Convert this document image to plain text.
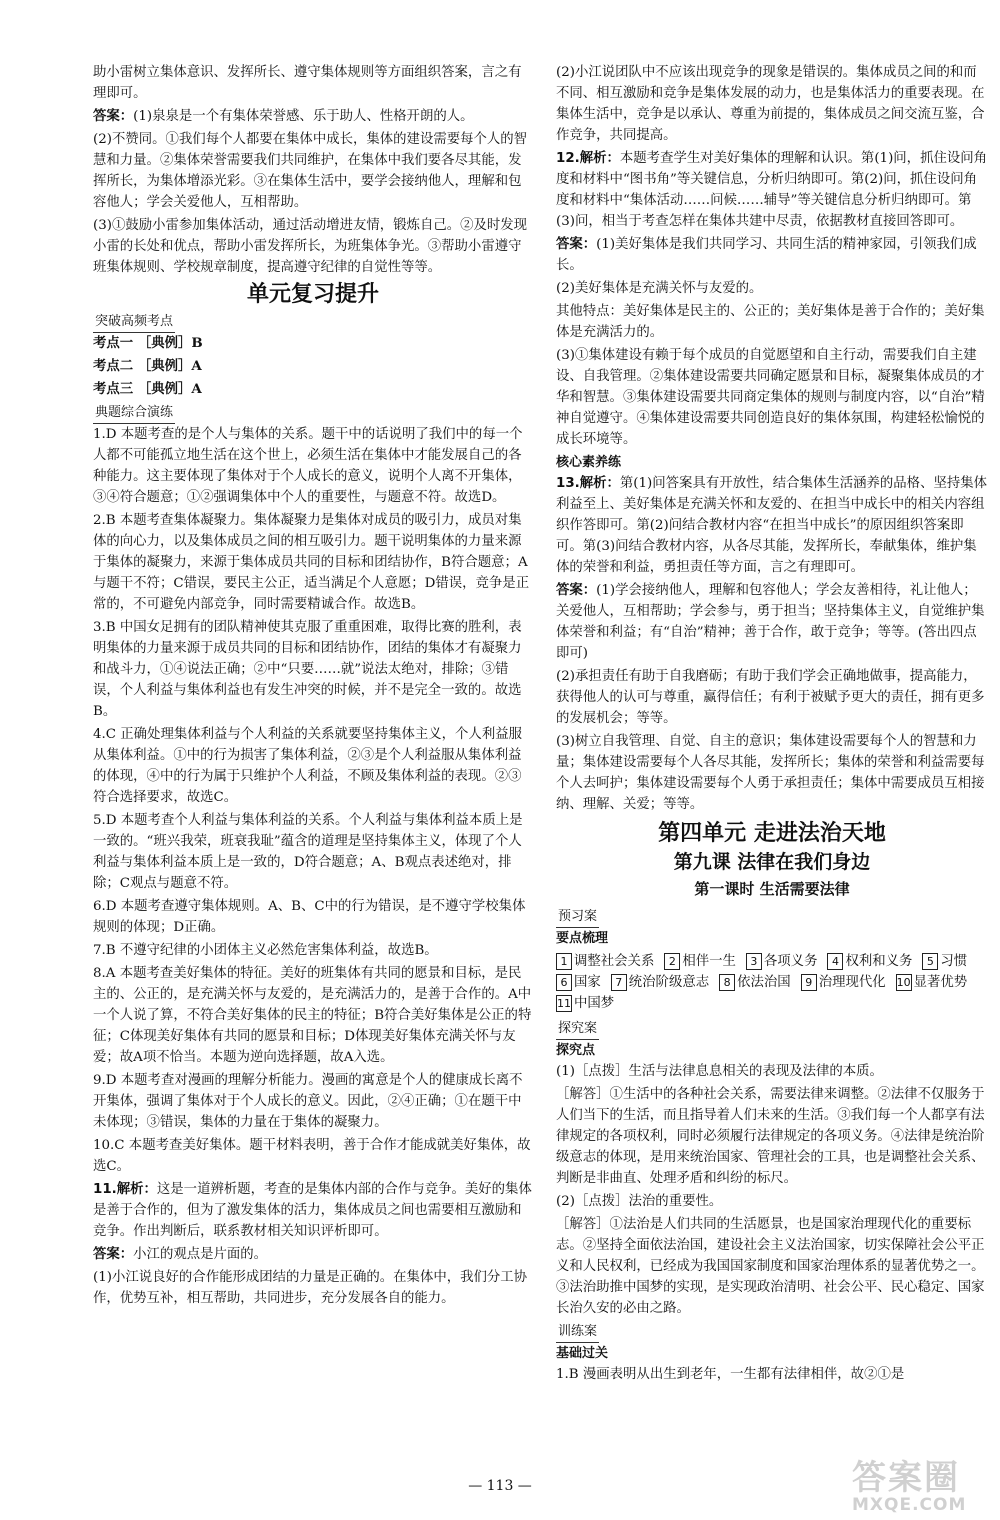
助小雷树立集体意识、发挥所长、遵守集体规则等方面组织答案，言之有理即可。
答案：(1)泉泉是一个有集体荣誉感、乐于助人、性格开朗的人。
(2)不赞同。①我们每个人都要在集体中成长，集体的建设需要每个人的智慧和力量。②集体荣誉需要我们共同维护，在集体中我们要各尽其能，发挥所长，为集体增添光彩。③在集体生活中，要学会接纳他人，理解和包容他人；学会关爱他人，互相帮助。
(3)①鼓励小雷参加集体活动，通过活动增进友情，锻炼自己。②及时发现小雷的长处和优点，帮助小雷发挥所长，为班集体争光。③帮助小雷遵守班集体规则、学校规章制度，提高遵守纪律的自觉性等等。
单元复习提升
突破高频考点
考点一 ［典例］B
考点二 ［典例］A
考点三 ［典例］A
典题综合演练
1.D 本题考查的是个人与集体的关系。题干中的话说明了我们中的每一个人都不可能孤立地生活在这个世上，必须生活在集体中才能发展自己的各种能力。这主要体现了集体对于个人成长的意义，说明个人离不开集体，③④符合题意；①②强调集体中个人的重要性，与题意不符。故选D。
2.B 本题考查集体凝聚力。集体凝聚力是集体对成员的吸引力，成员对集体的向心力，以及集体成员之间的相互吸引力。题干说明集体的力量来源于集体的凝聚力，来源于集体成员共同的目标和团结协作，B符合题意；A与题干不符；C错误，要民主公正，适当满足个人意愿；D错误，竞争是正常的，不可避免内部竞争，同时需要精诚合作。故选B。
3.B 中国女足拥有的团队精神使其克服了重重困难，取得比赛的胜利，表明集体的力量来源于成员共同的目标和团结协作，团结的集体才有凝聚力和战斗力，①④说法正确；②中“只要……就”说法太绝对，排除；③错误，个人利益与集体利益也有发生冲突的时候，并不是完全一致的。故选B。
4.C 正确处理集体利益与个人利益的关系就要坚持集体主义，个人利益服从集体利益。①中的行为损害了集体利益，②③是个人利益服从集体利益的体现，④中的行为属于只维护个人利益，不顾及集体利益的表现。②③符合选择要求，故选C。
5.D 本题考查个人利益与集体利益的关系。个人利益与集体利益本质上是一致的。“班兴我荣，班衰我耻”蕴含的道理是坚持集体主义，体现了个人利益与集体利益本质上是一致的，D符合题意；A、B观点表述绝对，排除；C观点与题意不符。
6.D 本题考查遵守集体规则。A、B、C中的行为错误，是不遵守学校集体规则的体现；D正确。
7.B 不遵守纪律的小团体主义必然危害集体利益，故选B。
8.A 本题考查美好集体的特征。美好的班集体有共同的愿景和目标，是民主的、公正的，是充满关怀与友爱的，是充满活力的，是善于合作的。A中一个人说了算，不符合美好集体的民主的特征；B符合美好集体是公正的特征；C体现美好集体有共同的愿景和目标；D体现美好集体充满关怀与友爱；故A项不恰当。本题为逆向选择题，故A入选。
9.D 本题考查对漫画的理解分析能力。漫画的寓意是个人的健康成长离不开集体，强调了集体对于个人成长的意义。因此，②④正确；①在题干中未体现；③错误，集体的力量在于集体的凝聚力。
10.C 本题考查美好集体。题干材料表明，善于合作才能成就美好集体，故选C。
11.解析：这是一道辨析题，考查的是集体内部的合作与竞争。美好的集体是善于合作的，但为了激发集体的活力，集体成员之间也需要相互激励和竞争。作出判断后，联系教材相关知识评析即可。
答案：小江的观点是片面的。
(1)小江说良好的合作能形成团结的力量是正确的。在集体中，我们分工协作，优势互补，相互帮助，共同进步，充分发展各自的能力。
(2)小江说团队中不应该出现竞争的现象是错误的。集体成员之间的和而不同、相互激励和竞争是集体发展的动力，也是集体活力的重要表现。在集体生活中，竞争是以承认、尊重为前提的，集体成员之间交流互鉴，合作竞争，共同提高。
12.解析：本题考查学生对美好集体的理解和认识。第(1)问，抓住设问角度和材料中“图书角”等关键信息，分析归纳即可。第(2)问，抓住设问角度和材料中“集体活动……问候……辅导”等关键信息分析归纳即可。第(3)问，相当于考查怎样在集体共建中尽责，依据教材直接回答即可。
答案：(1)美好集体是我们共同学习、共同生活的精神家园，引领我们成长。
(2)美好集体是充满关怀与友爱的。
其他特点：美好集体是民主的、公正的；美好集体是善于合作的；美好集体是充满活力的。
(3)①集体建设有赖于每个成员的自觉愿望和自主行动，需要我们自主建设、自我管理。②集体建设需要共同确定愿景和目标，凝聚集体成员的才华和智慧。③集体建设需要共同商定集体的规则与制度内容，以“自治”精神自觉遵守。④集体建设需要共同创造良好的集体氛围，构建轻松愉悦的成长环境等。
核心素养练
13.解析：第(1)问答案具有开放性，结合集体生活涵养的品格、坚持集体利益至上、美好集体是充满关怀和友爱的、在担当中成长中的相关内容组织作答即可。第(2)问结合教材内容“在担当中成长”的原因组织答案即可。第(3)问结合教材内容，从各尽其能，发挥所长，奉献集体，维护集体的荣誉和利益，勇担责任等方面，言之有理即可。
答案：(1)学会接纳他人，理解和包容他人；学会友善相待，礼让他人；关爱他人，互相帮助；学会参与，勇于担当；坚持集体主义，自觉维护集体荣誉和利益；有“自治”精神；善于合作，敢于竞争；等等。(答出四点即可)
(2)承担责任有助于自我磨砺；有助于我们学会正确地做事，提高能力，获得他人的认可与尊重，赢得信任；有利于被赋予更大的责任，拥有更多的发展机会；等等。
(3)树立自我管理、自觉、自主的意识；集体建设需要每个人的智慧和力量；集体建设需要每个人各尽其能，发挥所长；集体的荣誉和利益需要每个人去呵护；集体建设需要每个人勇于承担责任；集体中需要成员互相接纳、理解、关爱；等等。
第四单元 走进法治天地
第九课 法律在我们身边
第一课时 生活需要法律
预习案
要点梳理
1 调整社会关系 2 相伴一生 3 各项义务 4 权利和义务 5 习惯6 国家 7 统治阶级意志 8 依法治国 9 治理现代化 10 显著优势11 中国梦
探究案
探究点
(1)［点拨］生活与法律息息相关的表现及法律的本质。
［解答］①生活中的各种社会关系，需要法律来调整。②法律不仅服务于人们当下的生活，而且指导着人们未来的生活。③我们每一个人都享有法律规定的各项权利，同时必须履行法律规定的各项义务。④法律是统治阶级意志的体现，是用来统治国家、管理社会的工具，也是调整社会关系、判断是非曲直、处理矛盾和纠纷的标尺。
(2)［点拨］法治的重要性。
［解答］①法治是人们共同的生活愿景，也是国家治理现代化的重要标志。②坚持全面依法治国，建设社会主义法治国家，切实保障社会公平正义和人民权利，已经成为我国国家制度和国家治理体系的显著优势之一。③法治助推中国梦的实现，是实现政治清明、社会公平、民心稳定、国家长治久安的必由之路。
训练案
基础过关
1.B 漫画表明从出生到老年，一生都有法律相伴，故②①是
— 113 —	答案圈
MXQE.COM
